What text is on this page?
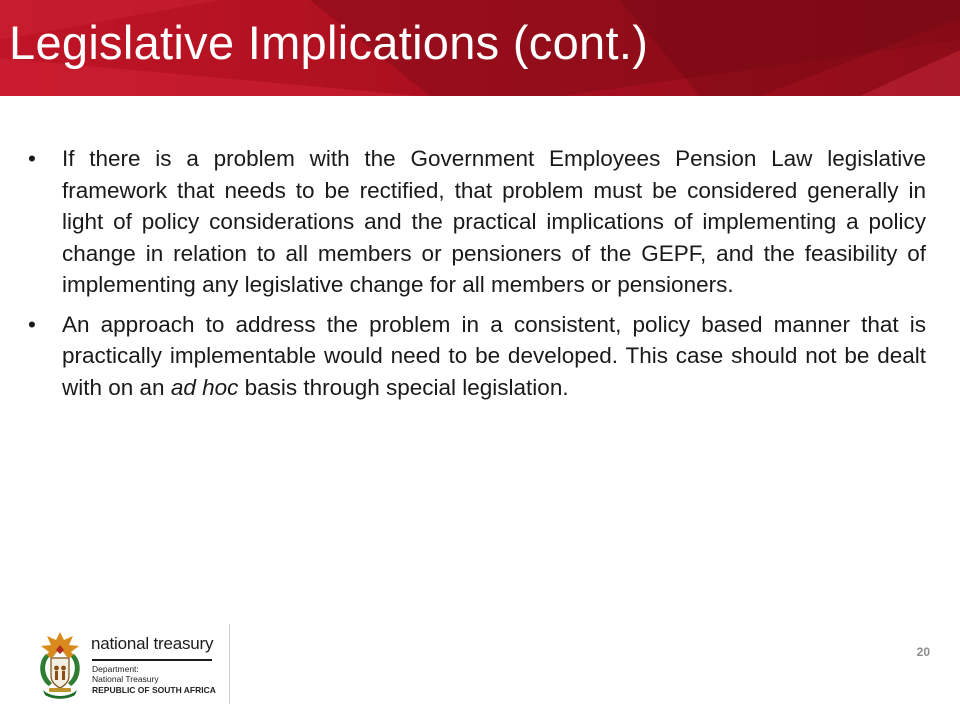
Legislative Implications (cont.)
•	If there is a problem with the Government Employees Pension Law legislative framework that needs to be rectified, that problem must be considered generally in light of policy considerations and the practical implications of implementing a policy change in relation to all members or pensioners of the GEPF, and the feasibility of implementing any legislative change for all members or pensioners.
•	An approach to address the problem in a consistent, policy based manner that is practically implementable would need to be developed. This case should not be dealt with on an ad hoc basis through special legislation.
national treasury
Department:
National Treasury
REPUBLIC OF SOUTH AFRICA
20
